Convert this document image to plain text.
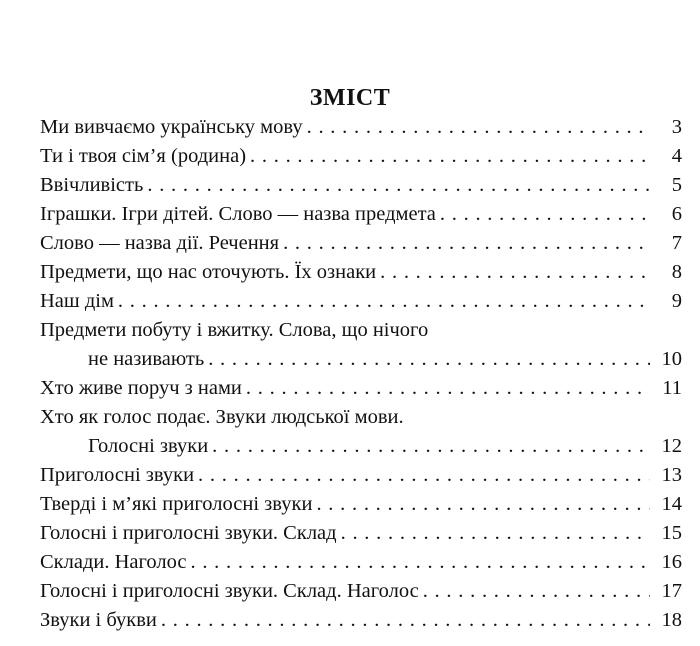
ЗМІСТ
Ми вивчаємо українську мову . . .	3
Ти і твоя сім’я (родина) . . .	4
Ввічливість . . .	5
Іграшки. Ігри дітей. Слово — назва предмета . . .	6
Слово — назва дії. Речення . . .	7
Предмети, що нас оточують. Їх ознаки . . .	8
Наш дім . . .	9
Предмети побуту і вжитку. Слова, що нічого
не називають . . .	10
Хто живе поруч з нами . . .	11
Хто як голос подає. Звуки людської мови.
Голосні звуки . . .	12
Приголосні звуки . . .	13
Тверді і м’які приголосні звуки . . .	14
Голосні і приголосні звуки. Склад . . .	15
Склади. Наголос . . .	16
Голосні і приголосні звуки. Склад. Наголос . . .	17
Звуки і букви . . .	18
